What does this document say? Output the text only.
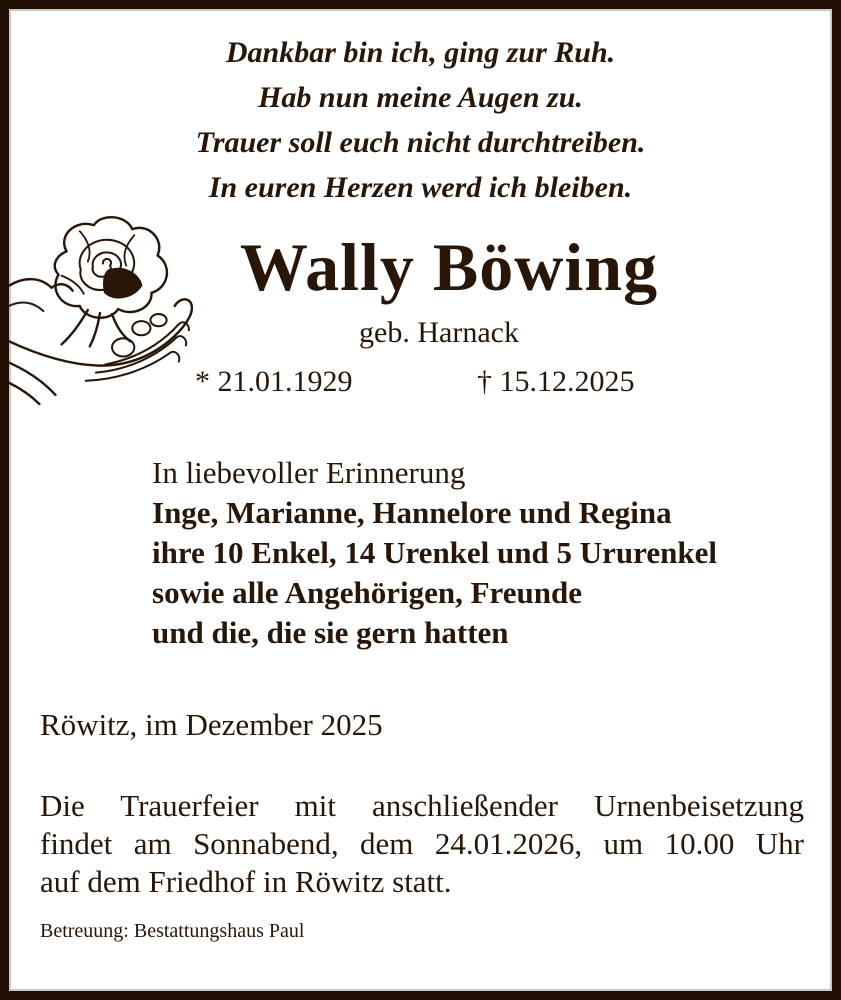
Dankbar bin ich, ging zur Ruh.
Hab nun meine Augen zu.
Trauer soll euch nicht durchtreiben.
In euren Herzen werd ich bleiben.
Wally Böwing
geb. Harnack
* 21.01.1929	† 15.12.2025
In liebevoller Erinnerung
Inge, Marianne, Hannelore und Regina
ihre 10 Enkel, 14 Urenkel und 5 Ururenkel
sowie alle Angehörigen, Freunde
und die, die sie gern hatten
Röwitz, im Dezember 2025
Die Trauerfeier mit anschließender Urnenbeisetzung
findet am Sonnabend, dem 24.01.2026, um 10.00 Uhr
auf dem Friedhof in Röwitz statt.
Betreuung: Bestattungshaus Paul
